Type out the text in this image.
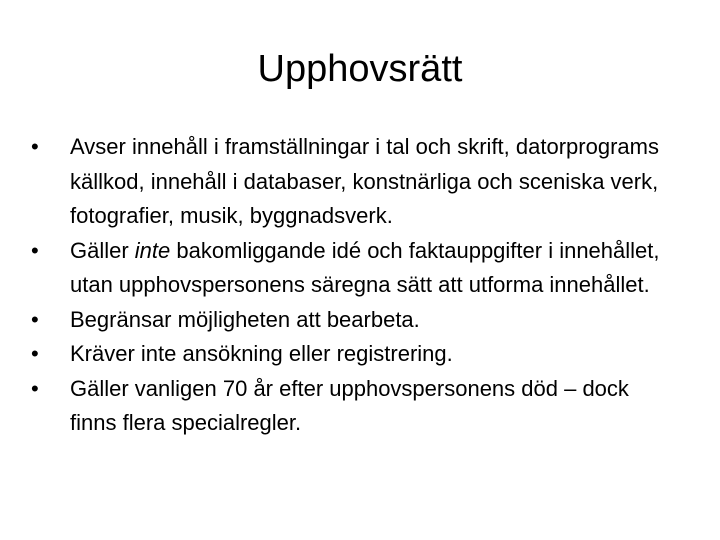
Upphovsrätt
• Avser innehåll i framställningar i tal och skrift, datorprograms källkod, innehåll i databaser, konstnärliga och sceniska verk, fotografier, musik, byggnadsverk.
• Gäller inte bakomliggande idé och faktauppgifter i innehållet, utan upphovspersonens säregna sätt att utforma innehållet.
• Begränsar möjligheten att bearbeta.
• Kräver inte ansökning eller registrering.
• Gäller vanligen 70 år efter upphovspersonens död – dock finns flera specialregler.
